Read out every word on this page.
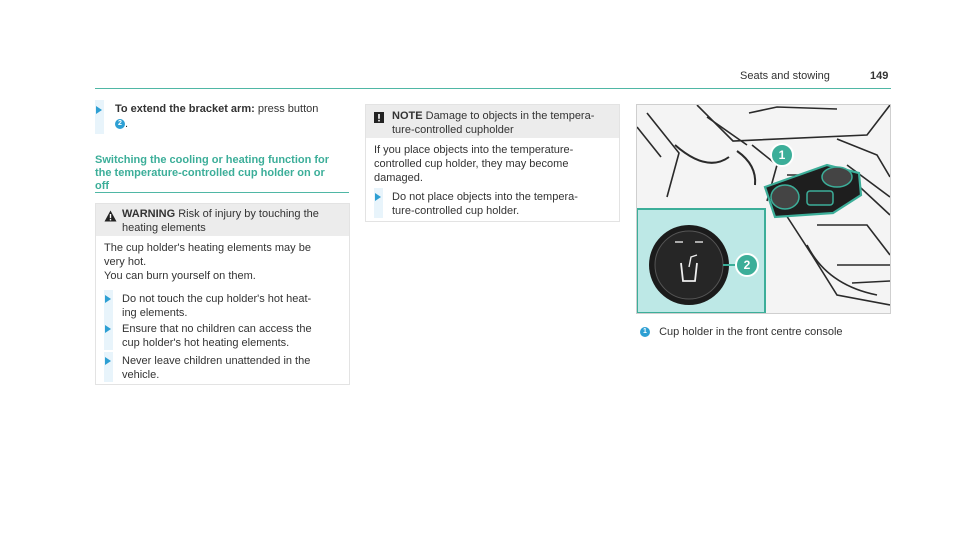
Seats and stowing	149
To extend the bracket arm: press button
2 .
Switching the cooling or heating function for
the temperature-controlled cup holder on or
off
WARNING Risk of injury by touching the
heating elements
The cup holder's heating elements may be
very hot.
You can burn yourself on them.
Do not touch the cup holder's hot heat-
ing elements.
Ensure that no children can access the
cup holder's hot heating elements.
Never leave children unattended in the
vehicle.
NOTE Damage to objects in the tempera-
ture-controlled cupholder
If you place objects into the temperature-
controlled cup holder, they may become
damaged.
Do not place objects into the tempera-
ture-controlled cup holder.
1
2
1 Cup holder in the front centre console
